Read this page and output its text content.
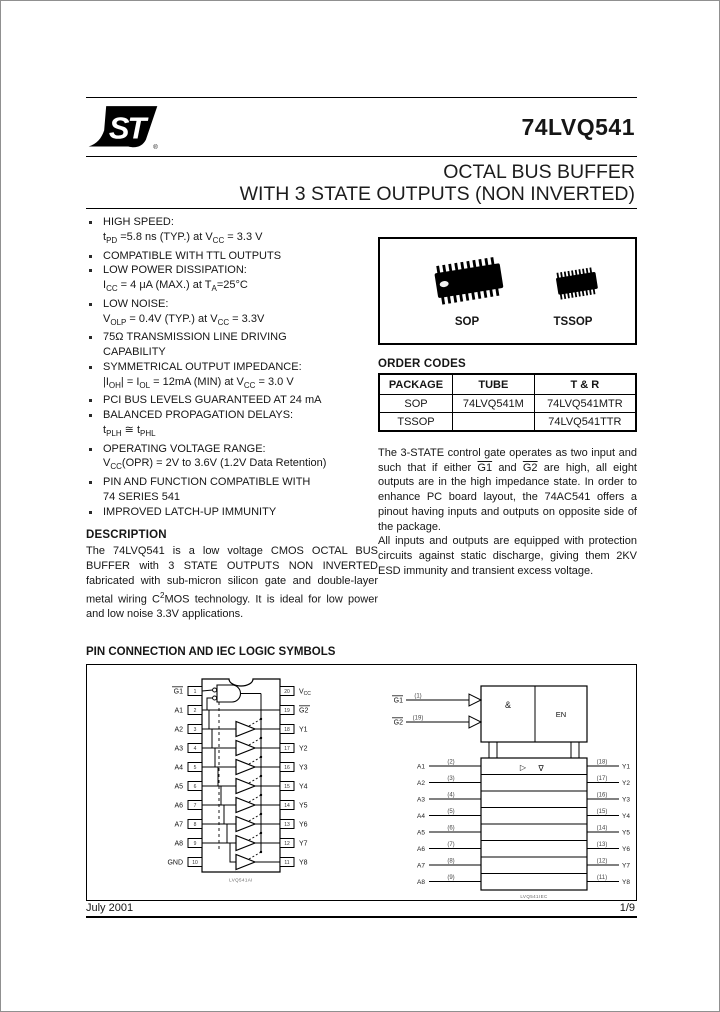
ST
®
74LVQ541
OCTAL BUS BUFFER
WITH 3 STATE OUTPUTS (NON INVERTED)
HIGH SPEED:
$t_{PD} =5.8$ ns (TYP.) at $V_{CC} = 3.3$ V
COMPATIBLE WITH TTL OUTPUTS
LOW POWER DISSIPATION:
$I_{CC} = 4$ μA (MAX.) at $T_A=25^\circ C$
LOW NOISE:
$V_{OLP} = 0.4V$ (TYP.) at $V_{CC} = 3.3V$
75Ω TRANSMISSION LINE DRIVING
CAPABILITY
SYMMETRICAL OUTPUT IMPEDANCE:
$|I_{OH}| = I_{OL} = 12mA$ (MIN) at $V_{CC} = 3.0$ V
PCI BUS LEVELS GUARANTEED AT 24 mA
BALANCED PROPAGATION DELAYS:
$t_{PLH}$ ≅ $t_{PHL}$
OPERATING VOLTAGE RANGE:
$V_{CC}(OPR) = 2V$ to 3.6V (1.2V Data Retention)
PIN AND FUNCTION COMPATIBLE WITH
74 SERIES 541
IMPROVED LATCH-UP IMMUNITY
DESCRIPTION

The 74LVQ541 is a low voltage CMOS OCTAL BUS BUFFER with 3 STATE OUTPUTS NON INVERTED fabricated with sub-micron silicon gate and double-layer metal wiring $C^2MOS$ technology. It is ideal for low power and low noise 3.3V applications.

SOP	TSSOP
ORDER CODES
PACKAGE	TUBE	T & R
SOP	74LVQ541M	74LVQ541MTR
TSSOP		74LVQ541TTR

The 3-STATE control gate operates as two input and such that if either G1 and G2 are high, all eight outputs are in the high impedance state. In order to enhance PC board layout, the 74AC541 offers a pinout having inputs and outputs on opposite side of the package.

All inputs and outputs are equipped with protection circuits against static discharge, giving them 2KV ESD immunity and transient excess voltage.

PIN CONNECTION AND IEC LOGIC SYMBOLS
1
G1
2
A1
3
A2
4
A3
5
A4
6
A5
7
A6
8
A7
9
A8
10
GND
20 $V_{CC}$
19 G2
18 Y1
17 Y2
16 Y3
15 Y4
14 Y5
13 Y6
12 Y7
11 Y8
LVQ541AI
&
EN
G1
(1)
G2
(19)
▷ ∇
A1
(2)
A2
(3)
A3
(4)
A4
(5)
A5
(6)
A6
(7)
A7
(8)
A8
(9)
(18)
Y1
(17)
Y2
(16)
Y3
(15)
Y4
(14)
Y5
(13)
Y6
(12)
Y7
(11)
Y8
LVQ541IEC
July 2001	1/9
